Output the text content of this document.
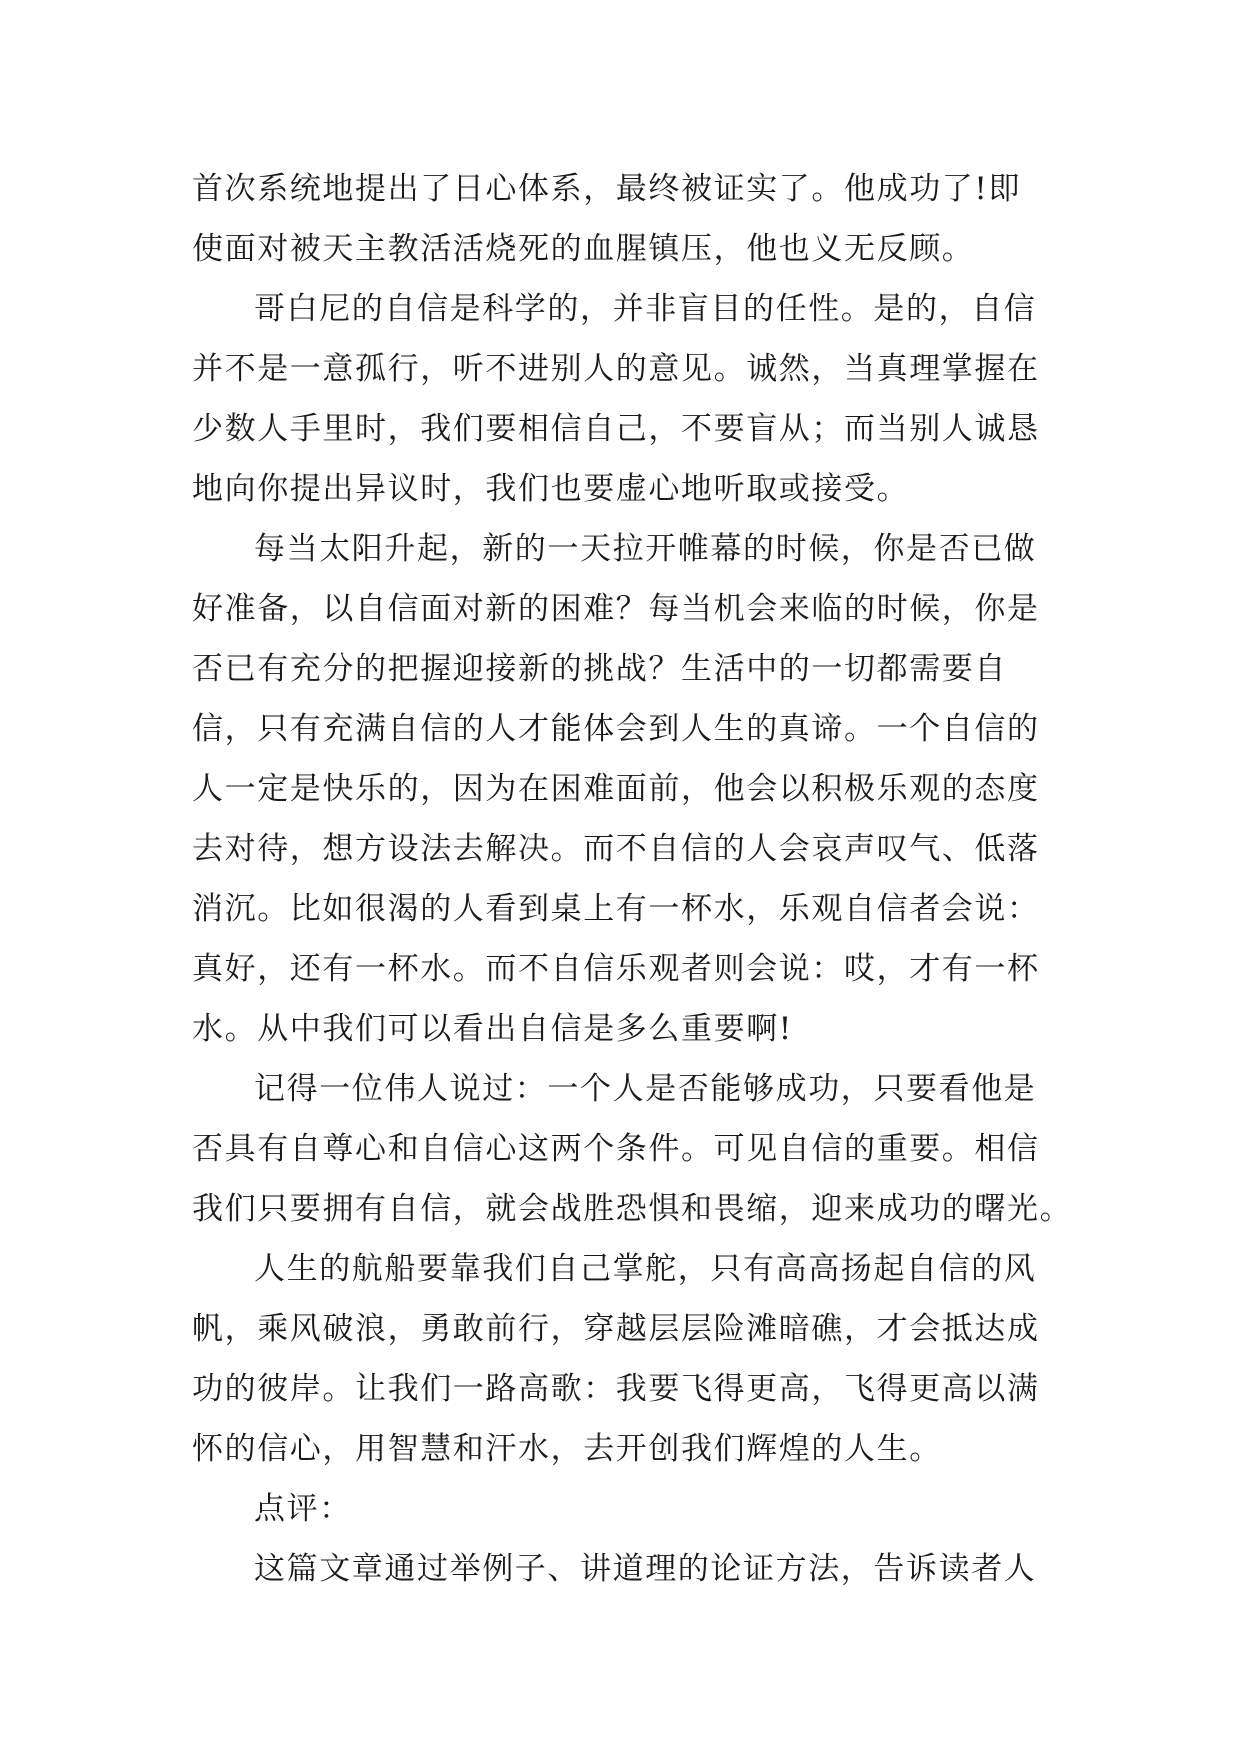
首次系统地提出了日心体系，最终被证实了。他成功了!即
使面对被天主教活活烧死的血腥镇压，他也义无反顾。
哥白尼的自信是科学的，并非盲目的任性。是的，自信
并不是一意孤行，听不进别人的意见。诚然，当真理掌握在
少数人手里时，我们要相信自己，不要盲从；而当别人诚恳
地向你提出异议时，我们也要虚心地听取或接受。
每当太阳升起，新的一天拉开帷幕的时候，你是否已做
好准备，以自信面对新的困难？每当机会来临的时候，你是
否已有充分的把握迎接新的挑战？生活中的一切都需要自
信，只有充满自信的人才能体会到人生的真谛。一个自信的
人一定是快乐的，因为在困难面前，他会以积极乐观的态度
去对待，想方设法去解决。而不自信的人会哀声叹气、低落
消沉。比如很渴的人看到桌上有一杯水，乐观自信者会说：
真好，还有一杯水。而不自信乐观者则会说：哎，才有一杯
水。从中我们可以看出自信是多么重要啊!
记得一位伟人说过：一个人是否能够成功，只要看他是
否具有自尊心和自信心这两个条件。可见自信的重要。相信
我们只要拥有自信，就会战胜恐惧和畏缩，迎来成功的曙光。
人生的航船要靠我们自己掌舵，只有高高扬起自信的风
帆，乘风破浪，勇敢前行，穿越层层险滩暗礁，才会抵达成
功的彼岸。让我们一路高歌：我要飞得更高，飞得更高以满
怀的信心，用智慧和汗水，去开创我们辉煌的人生。
点评：
这篇文章通过举例子、讲道理的论证方法，告诉读者人
